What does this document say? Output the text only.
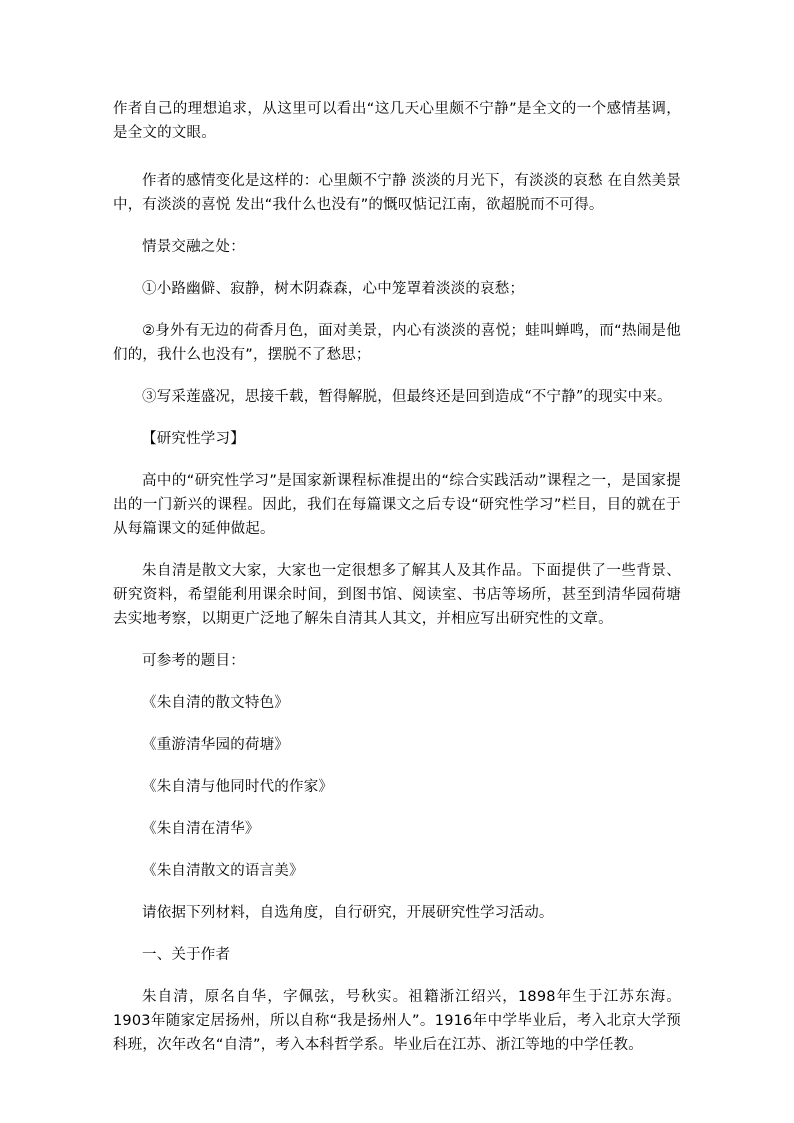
作者自己的理想追求，从这里可以看出“这几天心里颇不宁静”是全文的一个感情基调，是全文的文眼。

作者的感情变化是这样的：心里颇不宁静 淡淡的月光下，有淡淡的哀愁 在自然美景中，有淡淡的喜悦 发出“我什么也没有”的慨叹惦记江南，欲超脱而不可得。

情景交融之处：

①小路幽僻、寂静，树木阴森森，心中笼罩着淡淡的哀愁；

②身外有无边的荷香月色，面对美景，内心有淡淡的喜悦；蛙叫蝉鸣，而“热闹是他们的，我什么也没有”，摆脱不了愁思；

③写采莲盛况，思接千载，暂得解脱，但最终还是回到造成“不宁静”的现实中来。

【研究性学习】

高中的“研究性学习”是国家新课程标准提出的“综合实践活动”课程之一，是国家提出的一门新兴的课程。因此，我们在每篇课文之后专设“研究性学习”栏目，目的就在于从每篇课文的延伸做起。

朱自清是散文大家，大家也一定很想多了解其人及其作品。下面提供了一些背景、研究资料，希望能利用课余时间，到图书馆、阅读室、书店等场所，甚至到清华园荷塘去实地考察，以期更广泛地了解朱自清其人其文，并相应写出研究性的文章。

可参考的题目：

《朱自清的散文特色》

《重游清华园的荷塘》

《朱自清与他同时代的作家》

《朱自清在清华》

《朱自清散文的语言美》

请依据下列材料，自选角度，自行研究，开展研究性学习活动。

一、关于作者

朱自清，原名自华，字佩弦，号秋实。祖籍浙江绍兴，1898年生于江苏东海。1903年随家定居扬州，所以自称“我是扬州人”。1916年中学毕业后，考入北京大学预科班，次年改名“自清”，考入本科哲学系。毕业后在江苏、浙江等地的中学任教。
